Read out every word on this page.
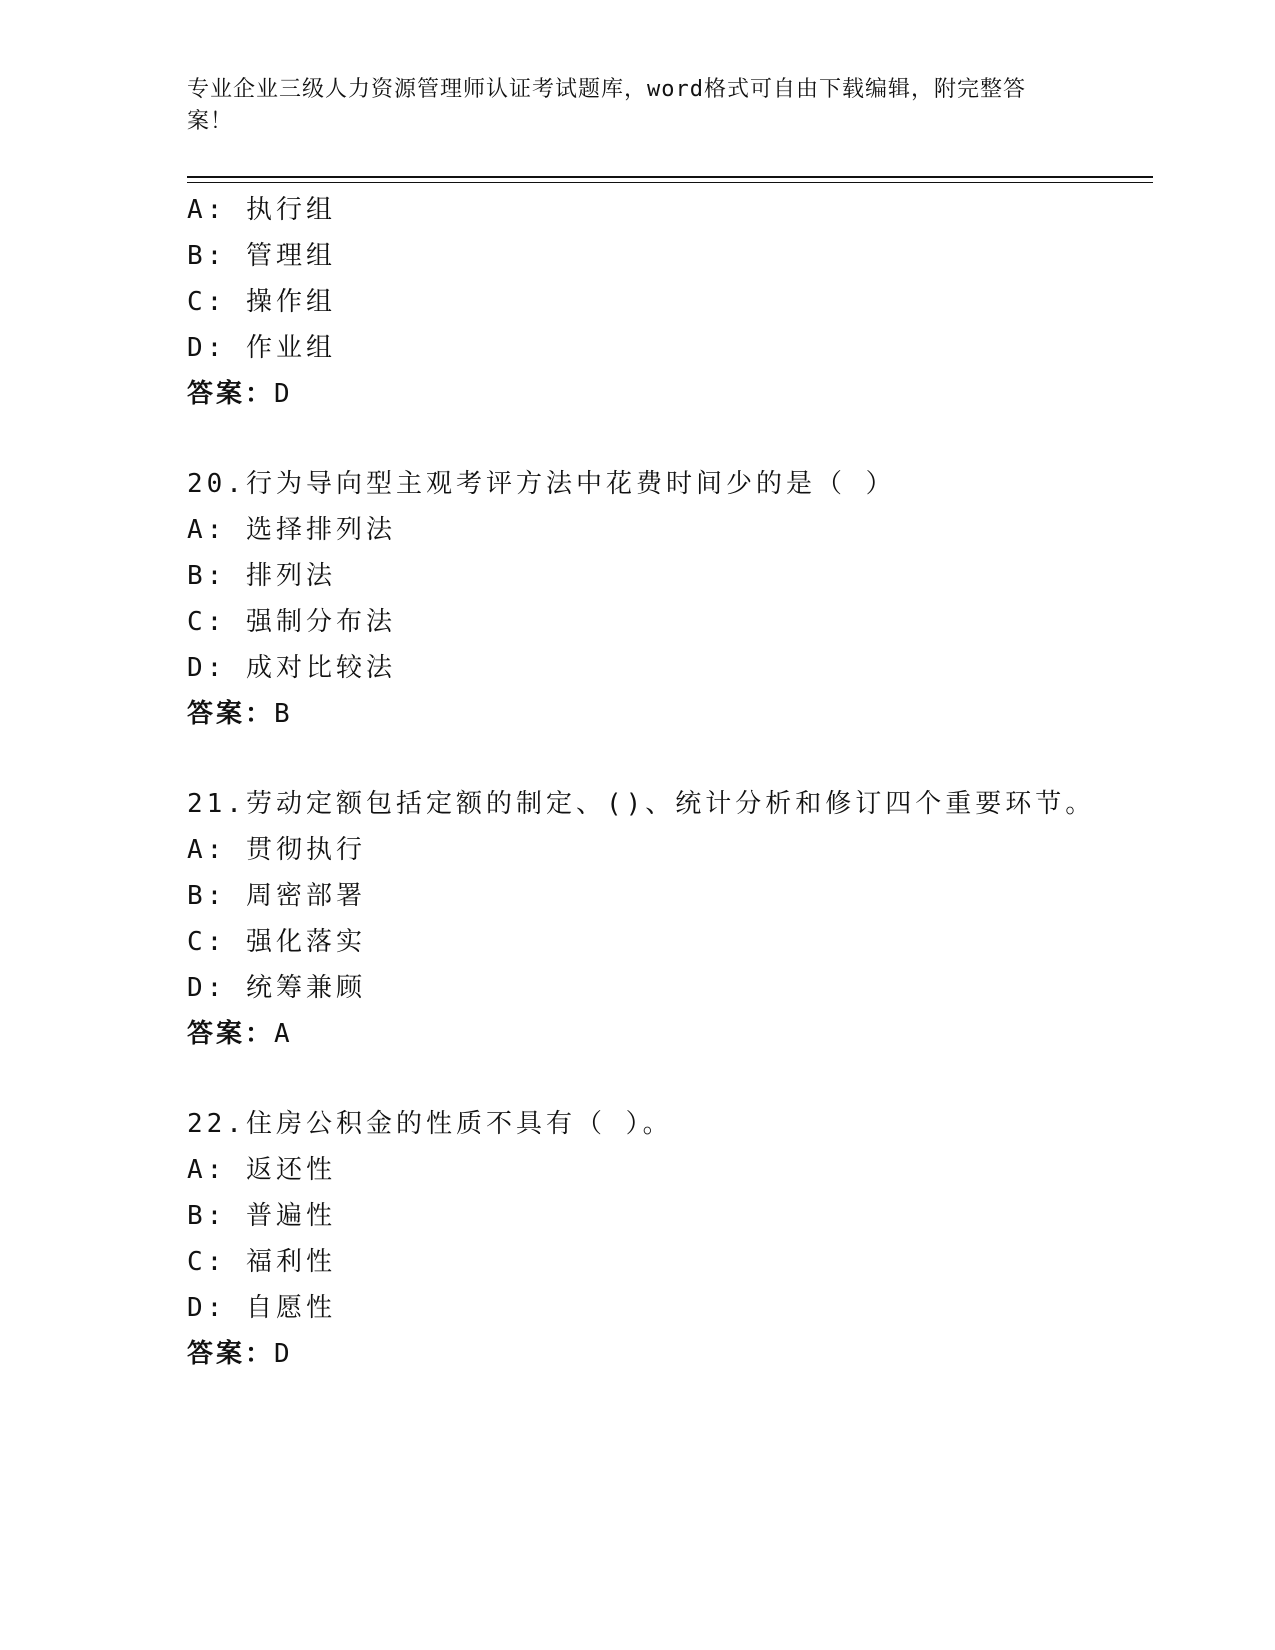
专业企业三级人力资源管理师认证考试题库，word格式可自由下载编辑，附完整答案！
A: 执行组
B: 管理组
C: 操作组
D: 作业组
答案：D
20.行为导向型主观考评方法中花费时间少的是（ ）
A: 选择排列法
B: 排列法
C: 强制分布法
D: 成对比较法
答案：B
21.劳动定额包括定额的制定、()、统计分析和修订四个重要环节。
A: 贯彻执行
B: 周密部署
C: 强化落实
D: 统筹兼顾
答案：A
22.住房公积金的性质不具有（ ）。
A: 返还性
B: 普遍性
C: 福利性
D: 自愿性
答案：D
